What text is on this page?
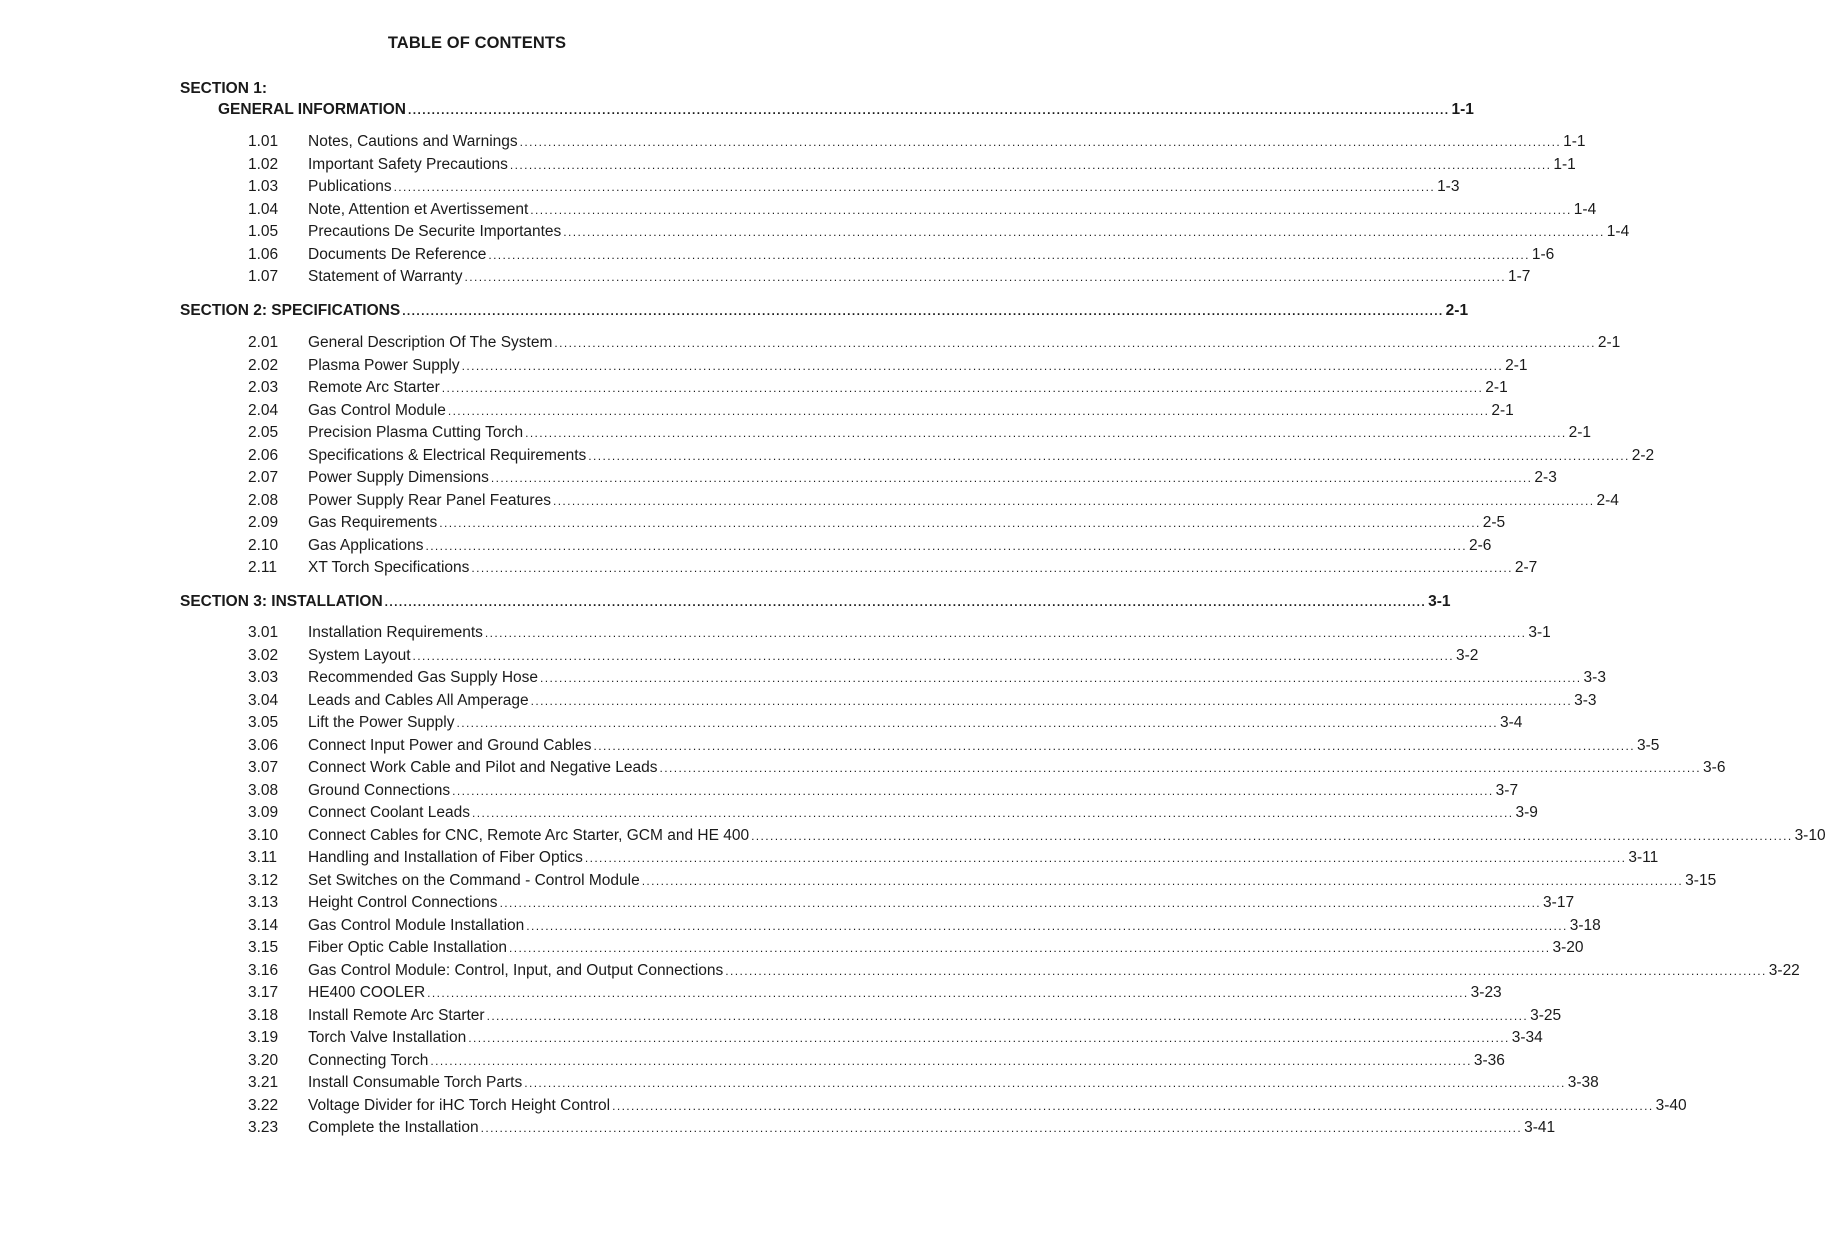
TABLE OF CONTENTS
SECTION 1:
GENERAL INFORMATION ............................................................................................................................................................................................................................ 1-1
1.01 Notes, Cautions and Warnings ............................................................................................................................................................................................................................ 1-1
1.02 Important Safety Precautions ............................................................................................................................................................................................................................ 1-1
1.03 Publications ............................................................................................................................................................................................................................ 1-3
1.04 Note, Attention et Avertissement ............................................................................................................................................................................................................................ 1-4
1.05 Precautions De Securite Importantes ............................................................................................................................................................................................................................ 1-4
1.06 Documents De Reference ............................................................................................................................................................................................................................ 1-6
1.07 Statement of Warranty ............................................................................................................................................................................................................................ 1-7
SECTION 2: SPECIFICATIONS ............................................................................................................................................................................................................................ 2-1
2.01 General Description Of The System ............................................................................................................................................................................................................................ 2-1
2.02 Plasma Power Supply ............................................................................................................................................................................................................................ 2-1
2.03 Remote Arc Starter ............................................................................................................................................................................................................................ 2-1
2.04 Gas Control Module ............................................................................................................................................................................................................................ 2-1
2.05 Precision Plasma Cutting Torch ............................................................................................................................................................................................................................ 2-1
2.06 Specifications & Electrical Requirements ............................................................................................................................................................................................................................ 2-2
2.07 Power Supply Dimensions ............................................................................................................................................................................................................................ 2-3
2.08 Power Supply Rear Panel Features ............................................................................................................................................................................................................................ 2-4
2.09 Gas Requirements ............................................................................................................................................................................................................................ 2-5
2.10 Gas Applications ............................................................................................................................................................................................................................ 2-6
2.11 XT Torch Specifications ............................................................................................................................................................................................................................ 2-7
SECTION 3: INSTALLATION ............................................................................................................................................................................................................................ 3-1
3.01 Installation Requirements ............................................................................................................................................................................................................................ 3-1
3.02 System Layout ............................................................................................................................................................................................................................ 3-2
3.03 Recommended Gas Supply Hose ............................................................................................................................................................................................................................ 3-3
3.04 Leads and Cables All Amperage ............................................................................................................................................................................................................................ 3-3
3.05 Lift the Power Supply ............................................................................................................................................................................................................................ 3-4
3.06 Connect Input Power and Ground Cables ............................................................................................................................................................................................................................ 3-5
3.07 Connect Work Cable and Pilot and Negative Leads ............................................................................................................................................................................................................................ 3-6
3.08 Ground Connections ............................................................................................................................................................................................................................ 3-7
3.09 Connect Coolant Leads ............................................................................................................................................................................................................................ 3-9
3.10 Connect Cables for CNC, Remote Arc Starter, GCM and HE 400 ............................................................................................................................................................................................................................ 3-10
3.11 Handling and Installation of Fiber Optics ............................................................................................................................................................................................................................ 3-11
3.12 Set Switches on the Command - Control Module ............................................................................................................................................................................................................................ 3-15
3.13 Height Control Connections ............................................................................................................................................................................................................................ 3-17
3.14 Gas Control Module Installation ............................................................................................................................................................................................................................ 3-18
3.15 Fiber Optic Cable Installation ............................................................................................................................................................................................................................ 3-20
3.16 Gas Control Module: Control, Input, and Output Connections ............................................................................................................................................................................................................................ 3-22
3.17 HE400 COOLER ............................................................................................................................................................................................................................ 3-23
3.18 Install Remote Arc Starter ............................................................................................................................................................................................................................ 3-25
3.19 Torch Valve Installation ............................................................................................................................................................................................................................ 3-34
3.20 Connecting Torch ............................................................................................................................................................................................................................ 3-36
3.21 Install Consumable Torch Parts ............................................................................................................................................................................................................................ 3-38
3.22 Voltage Divider for iHC Torch Height Control ............................................................................................................................................................................................................................ 3-40
3.23 Complete the Installation ............................................................................................................................................................................................................................ 3-41
